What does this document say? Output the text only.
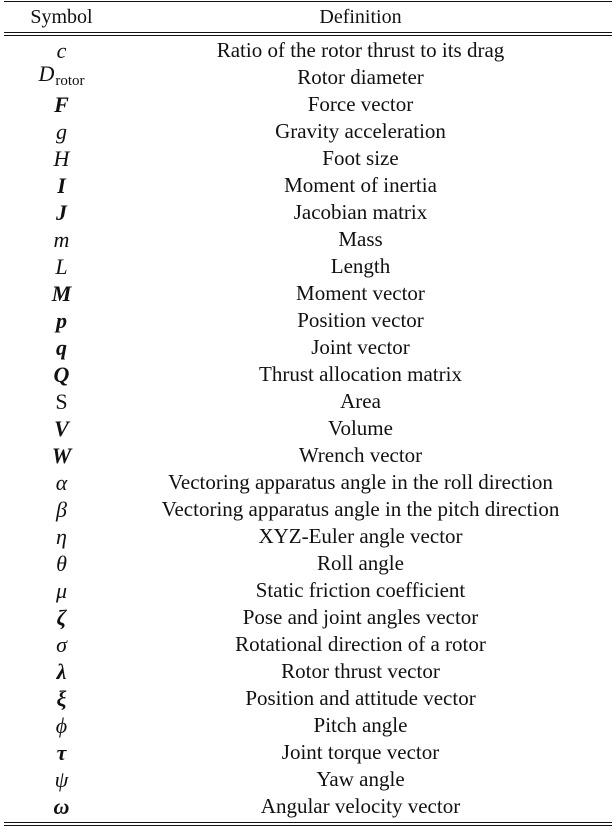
Symbol	Definition
c	Ratio of the rotor thrust to its drag
$D_{rotor}$	Rotor diameter
F	Force vector
g	Gravity acceleration
H	Foot size
I	Moment of inertia
J	Jacobian matrix
m	Mass
L	Length
M	Moment vector
p	Position vector
q	Joint vector
Q	Thrust allocation matrix
S	Area
V	Volume
W	Wrench vector
α	Vectoring apparatus angle in the roll direction
β	Vectoring apparatus angle in the pitch direction
η	XYZ-Euler angle vector
θ	Roll angle
μ	Static friction coefficient
ζ	Pose and joint angles vector
σ	Rotational direction of a rotor
λ	Rotor thrust vector
ξ	Position and attitude vector
ϕ	Pitch angle
τ	Joint torque vector
ψ	Yaw angle
ω	Angular velocity vector
